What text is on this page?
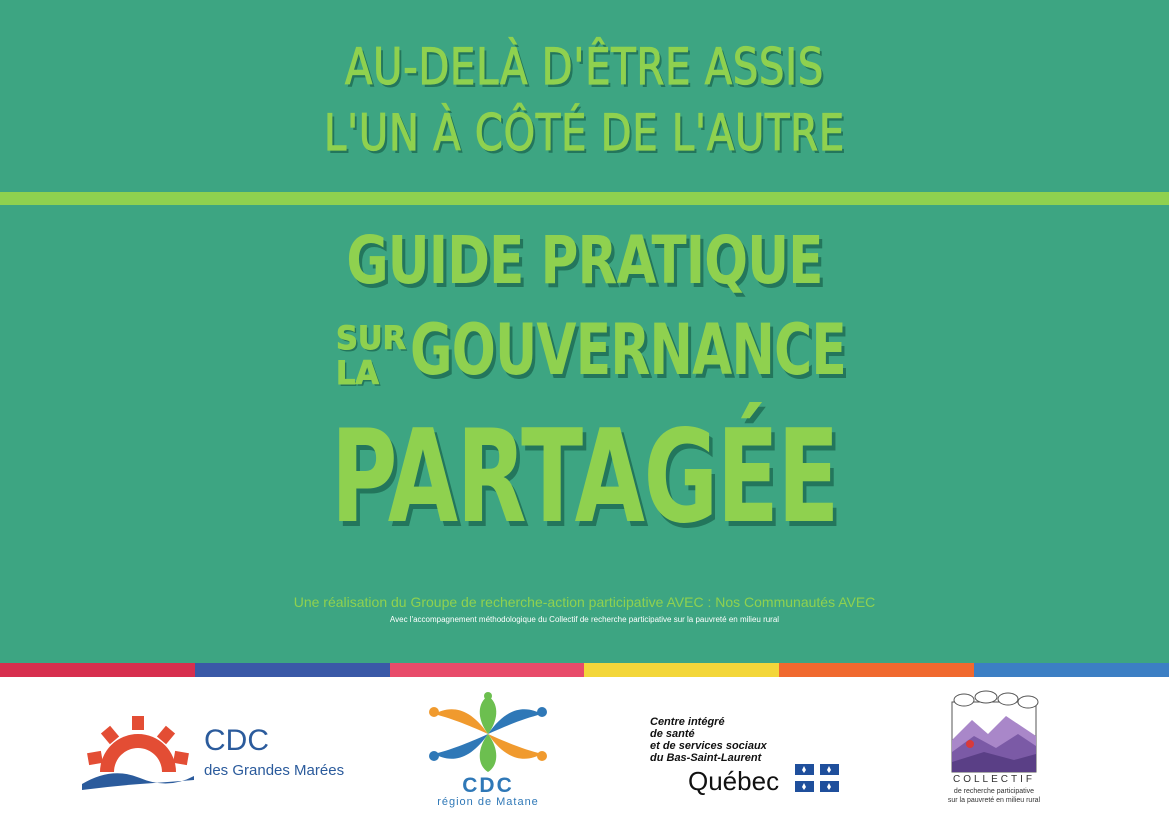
AU-DELÀ D'ÊTRE ASSIS

L'UN À CÔTÉ DE L'AUTRE

GUIDE PRATIQUE

SUR

LA GOUVERNANCE

PARTAGÉE

Une réalisation du Groupe de recherche-action participative AVEC : Nos Communautés AVEC

Avec l'accompagnement méthodologique du Collectif de recherche participative sur la pauvreté en milieu rural

CDC
des Grandes Marées
CDC
région de Matane
Centre intégré
de santé
et de services sociaux
du Bas-Saint-Laurent
Québec	COLLECTIF
de recherche participative
sur la pauvreté en milieu rural
